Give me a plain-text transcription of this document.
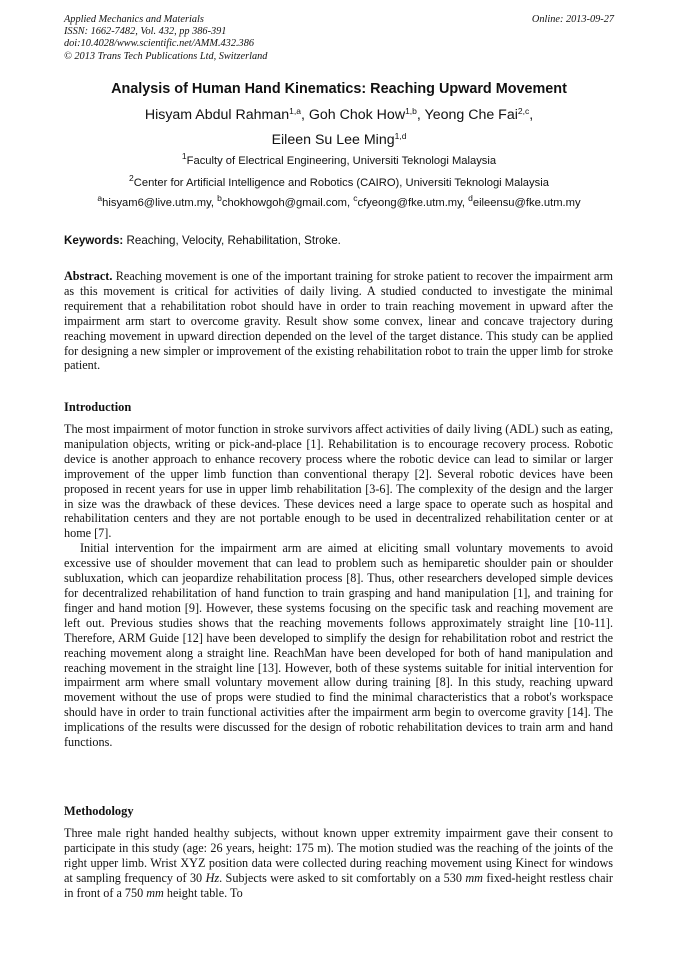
Applied Mechanics and Materials
ISSN: 1662-7482, Vol. 432, pp 386-391
doi:10.4028/www.scientific.net/AMM.432.386
© 2013 Trans Tech Publications Ltd, Switzerland
Online: 2013-09-27
Analysis of Human Hand Kinematics: Reaching Upward Movement
Hisyam Abdul Rahman$^{1,a}$, Goh Chok How$^{1,b}$, Yeong Che Fai$^{2,c}$,
Eileen Su Lee Ming$^{1,d}$
$^1$Faculty of Electrical Engineering, Universiti Teknologi Malaysia
$^2$Center for Artificial Intelligence and Robotics (CAIRO), Universiti Teknologi Malaysia
$^a$hisyam6@live.utm.my, $^b$chokhowgoh@gmail.com, $^c$cfyeong@fke.utm.my, $^d$eileensu@fke.utm.my
Keywords: Reaching, Velocity, Rehabilitation, Stroke.

Abstract. Reaching movement is one of the important training for stroke patient to recover the impairment arm as this movement is critical for activities of daily living. A studied conducted to investigate the minimal requirement that a rehabilitation robot should have in order to train reaching movement in upward after the impairment arm start to overcome gravity. Result show some convex, linear and concave trajectory during reaching movement in upward direction depended on the level of the target distance. This study can be applied for designing a new simpler or improvement of the existing rehabilitation robot to train the upper limb for stroke patient.

Introduction

The most impairment of motor function in stroke survivors affect activities of daily living (ADL) such as eating, manipulation objects, writing or pick-and-place [1]. Rehabilitation is to encourage recovery process. Robotic device is another approach to enhance recovery process where the robotic device can lead to similar or larger improvement of the upper limb function than conventional therapy [2]. Several robotic devices have been proposed in recent years for use in upper limb rehabilitation [3-6]. The complexity of the design and the larger in size was the drawback of these devices. These devices need a large space to operate such as hospital and rehabilitation centers and they are not portable enough to be used in decentralized rehabilitation center or at home [7].

Initial intervention for the impairment arm are aimed at eliciting small voluntary movements to avoid excessive use of shoulder movement that can lead to problem such as hemiparetic shoulder pain or shoulder subluxation, which can jeopardize rehabilitation process [8]. Thus, other researchers developed simple devices for decentralized rehabilitation of hand function to train grasping and hand manipulation [1], and training for finger and hand motion [9]. However, these systems focusing on the specific task and reaching movement are left out. Previous studies shows that the reaching movements follows approximately straight line [10-11]. Therefore, ARM Guide [12] have been developed to simplify the design for rehabilitation robot and restrict the reaching movement along a straight line. ReachMan have been developed for both of hand manipulation and reaching movement in the straight line [13]. However, both of these systems suitable for initial intervention for impairment arm where small voluntary movement allow during training [8]. In this study, reaching upward movement without the use of props were studied to find the minimal characteristics that a robot's workspace should have in order to train functional activities after the impairment arm begin to overcome gravity [14]. The implications of the results were discussed for the design of robotic rehabilitation devices to train arm and hand functions.

Methodology

Three male right handed healthy subjects, without known upper extremity impairment gave their consent to participate in this study (age: 26 years, height: 175 m). The motion studied was the reaching of the joints of the right upper limb. Wrist XYZ position data were collected during reaching movement using Kinect for windows at sampling frequency of 30 Hz. Subjects were asked to sit comfortably on a 530 mm fixed-height restless chair in front of a 750 mm height table. To
